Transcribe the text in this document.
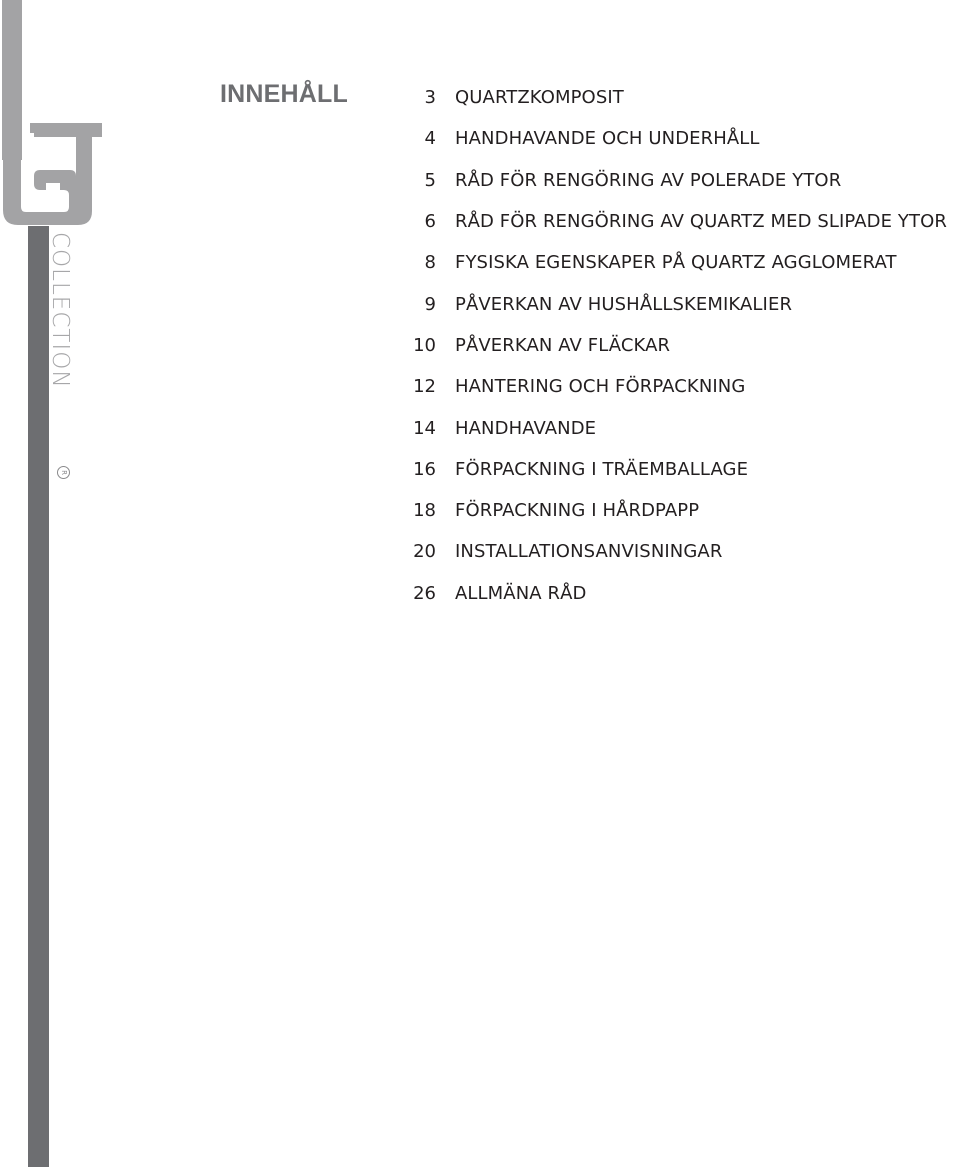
COLLECTION
R
INNEHÅLL	3 QUARTZKOMPOSIT
4 HANDHAVANDE OCH UNDERHÅLL
5 RÅD FÖR RENGÖRING AV POLERADE YTOR
6 RÅD FÖR RENGÖRING AV QUARTZ MED SLIPADE YTOR
8 FYSISKA EGENSKAPER PÅ QUARTZ AGGLOMERAT
9 PÅVERKAN AV HUSHÅLLSKEMIKALIER
10 PÅVERKAN AV FLÄCKAR
12 HANTERING OCH FÖRPACKNING
14 HANDHAVANDE
16 FÖRPACKNING I TRÄEMBALLAGE
18 FÖRPACKNING I HÅRDPAPP
20 INSTALLATIONSANVISNINGAR
26 ALLMÄNA RÅD
